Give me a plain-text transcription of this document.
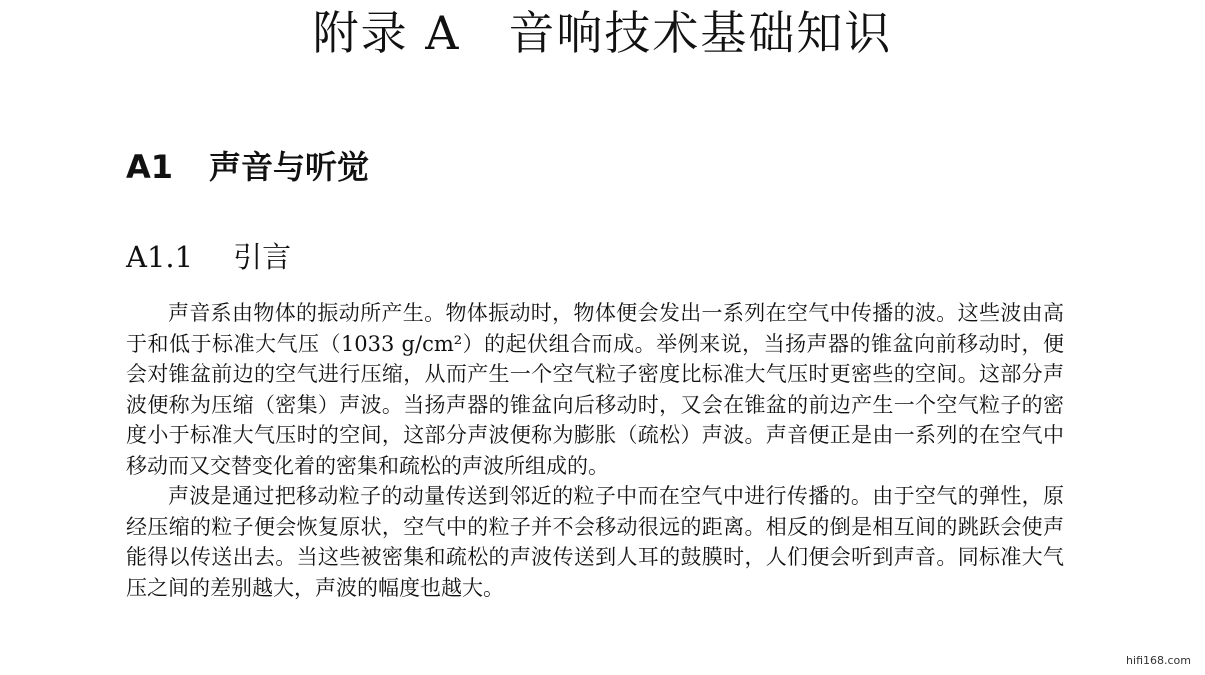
附录 A 音响技术基础知识
A1 声音与听觉
A1.1 引言

声音系由物体的振动所产生。物体振动时，物体便会发出一系列在空气中传播的波。这些波由高于和低于标准大气压（1033 g/cm²）的起伏组合而成。举例来说，当扬声器的锥盆向前移动时，便会对锥盆前边的空气进行压缩，从而产生一个空气粒子密度比标准大气压时更密些的空间。这部分声波便称为压缩（密集）声波。当扬声器的锥盆向后移动时，又会在锥盆的前边产生一个空气粒子的密度小于标准大气压时的空间，这部分声波便称为膨胀（疏松）声波。声音便正是由一系列的在空气中移动而又交替变化着的密集和疏松的声波所组成的。

声波是通过把移动粒子的动量传送到邻近的粒子中而在空气中进行传播的。由于空气的弹性，原经压缩的粒子便会恢复原状，空气中的粒子并不会移动很远的距离。相反的倒是相互间的跳跃会使声能得以传送出去。当这些被密集和疏松的声波传送到人耳的鼓膜时，人们便会听到声音。同标准大气压之间的差别越大，声波的幅度也越大。

hifi168.com
